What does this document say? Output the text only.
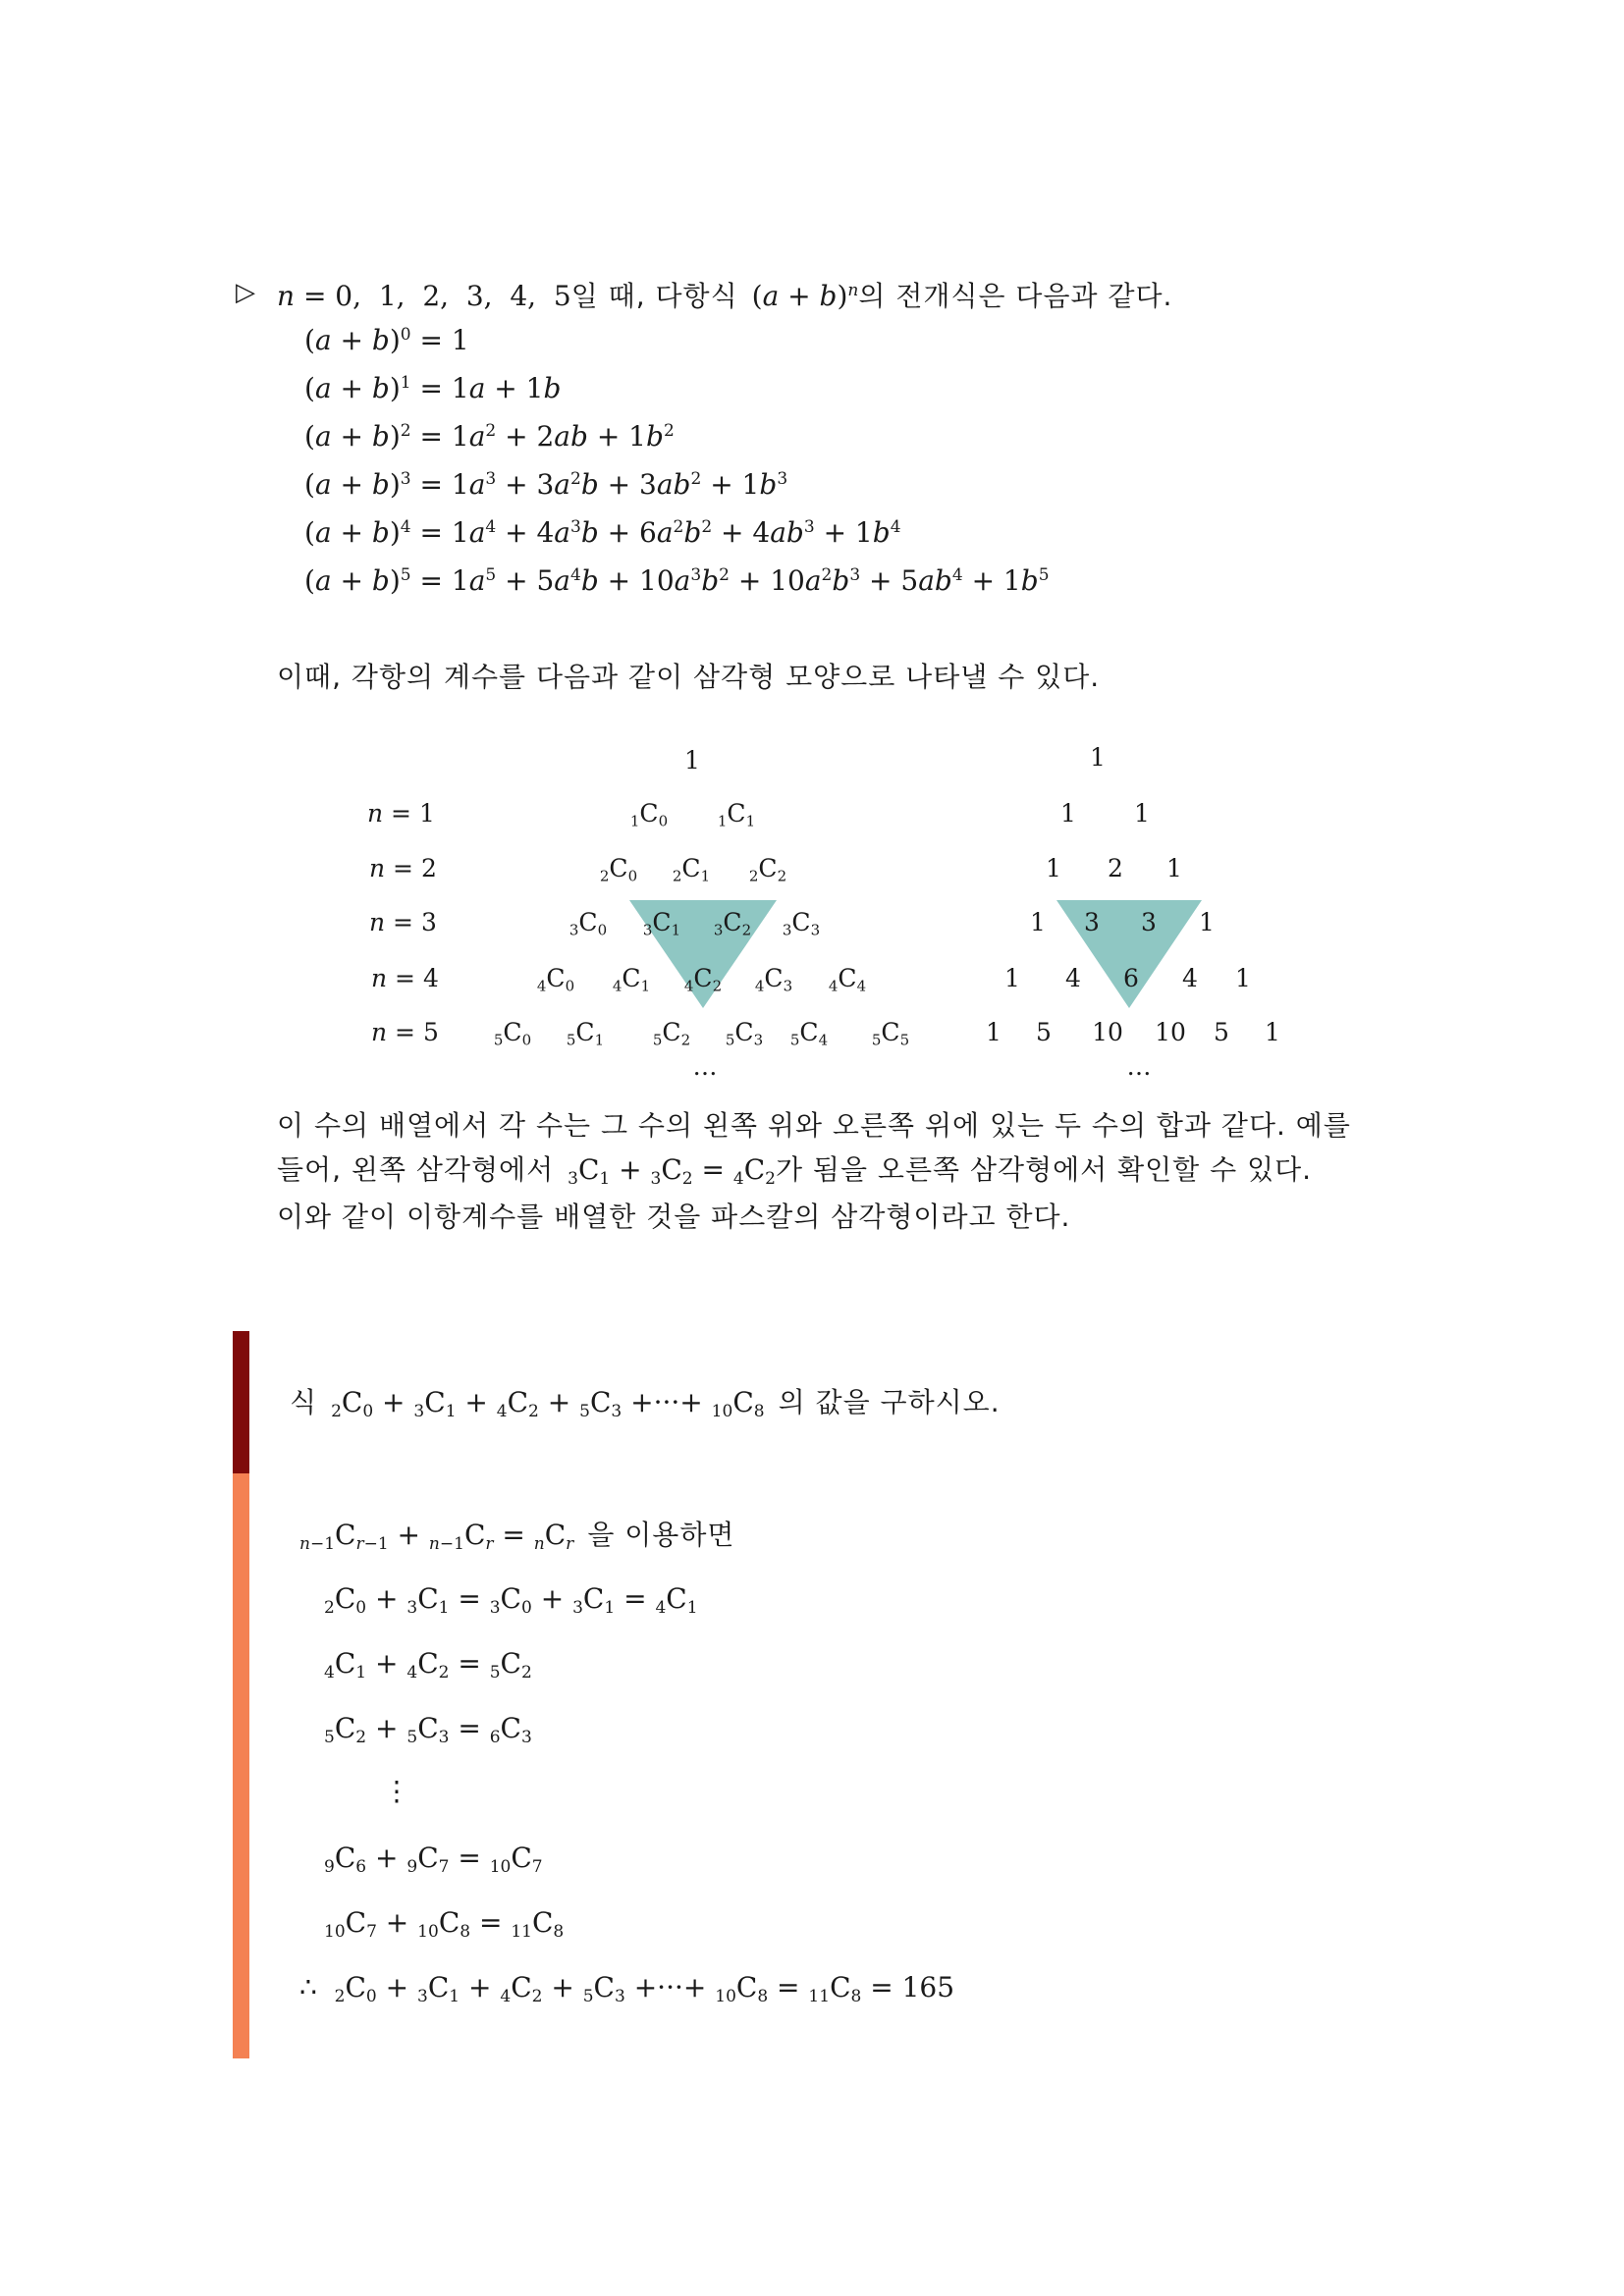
▷ n = 0,  1,  2,  3,  4,  5일 때, 다항식  $(a + b)^n$의 전개식은 다음과 같다.
$(a + b)^0 = 1$
$(a + b)^1 = 1a + 1b$
$(a + b)^2 = 1a^2 + 2ab + 1b^2$
$(a + b)^3 = 1a^3 + 3a^2b + 3ab^2 + 1b^3$
$(a + b)^4 = 1a^4 + 4a^3b + 6a^2b^2 + 4ab^3 + 1b^4$
$(a + b)^5 = 1a^5 + 5a^4b + 10a^3b^2 + 10a^2b^3 + 5ab^4 + 1b^5$
이때, 각항의 계수를 다음과 같이 삼각형 모양으로 나타낼 수 있다.
n = 1
n = 2
n = 3
n = 4
n = 5
1
$_1C_0$	$_1C_1$
$_2C_0$ $_2C_1$	$_2C_2$
$_3C_0$ $_3C_1$ $_3C_2$ $_3C_3$
$_4C_0$	$_4C_1$ $_4C_2$ $_4C_3$ $_4C_4$
$_5C_0$ $_5C_1$	$_5C_2$ $_5C_3$ $_5C_4$	$_5C_5$
…
1
1 1
1 2 1
1 3 3 1
1 4 6 4 1
1 5 10 10 5 1
…
이 수의 배열에서 각 수는 그 수의 왼쪽 위와 오른쪽 위에 있는 두 수의 합과 같다. 예를
들어, 왼쪽 삼각형에서 $_3C_1 + _3C_2 = _4C_2$가 됨을 오른쪽 삼각형에서 확인할 수 있다.
이와 같이 이항계수를 배열한 것을 파스칼의 삼각형이라고 한다.
식 $_2C_0 + _3C_1 + _4C_2 + _5C_3$ +···+ $_{10}C_8$ 의 값을 구하시오.
$_{n-1}C_{r-1} + _{n-1}C_r = _nC_r$ 을 이용하면
$_2C_0 + _3C_1 = _3C_0 + _3C_1 = _4C_1$
$_4C_1 + _4C_2 = _5C_2$
$_5C_2 + _5C_3 = _6C_3$
⋮
$_9C_6 + _9C_7 = _{10}C_7$
$_{10}C_7 + _{10}C_8 = _{11}C_8$
∴ $_2C_0 + _3C_1 + _4C_2 + _5C_3$ +···+ $_{10}C_8 = _{11}C_8 = 165$
